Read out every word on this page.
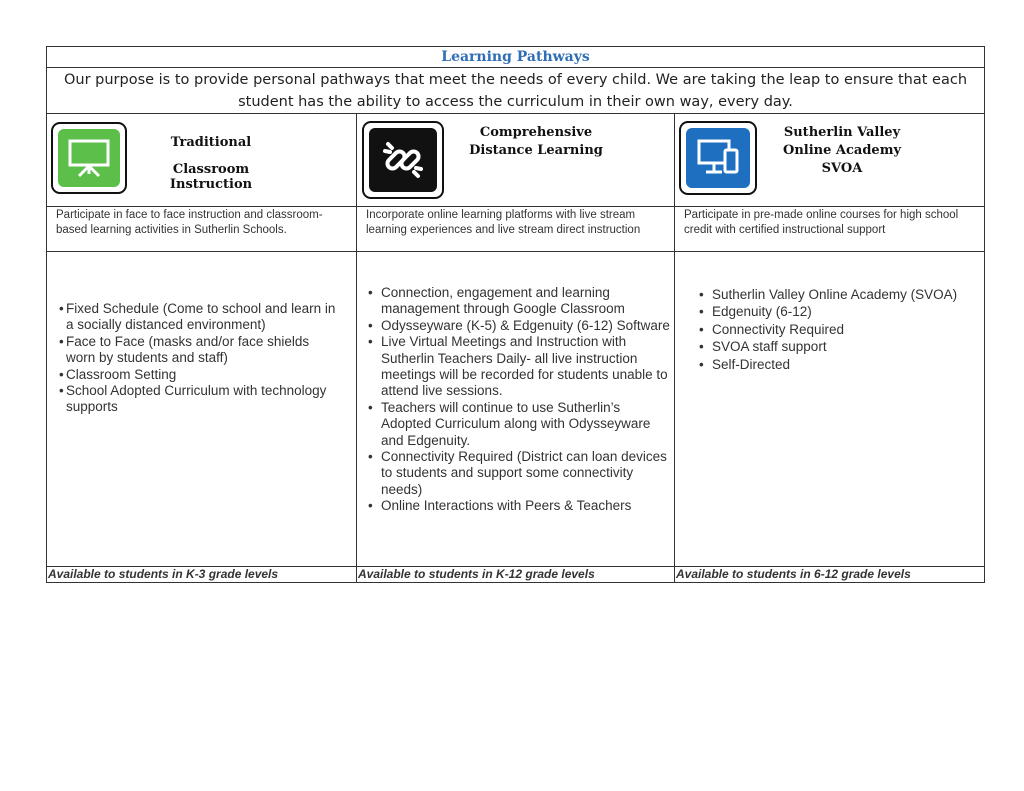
Learning Pathways
Our purpose is to provide personal pathways that meet the needs of every child. We are taking the leap to ensure that each student has the ability to access the curriculum in their own way, every day.
Traditional
Classroom Instruction
Comprehensive
Distance Learning
Sutherlin Valley
Online Academy
SVOA
Participate in face to face instruction and classroom-based learning activities in Sutherlin Schools.
Incorporate online learning platforms with live stream learning experiences and live stream direct instruction
Participate in pre-made online courses for high school credit with certified instructional support
• Fixed Schedule (Come to school and learn in a socially distanced environment)
• Face to Face (masks and/or face shields worn by students and staff)
• Classroom Setting
• School Adopted Curriculum with technology supports
• Connection, engagement and learning management through Google Classroom
• Odysseyware (K-5) & Edgenuity (6-12) Software
• Live Virtual Meetings and Instruction with Sutherlin Teachers Daily- all live instruction meetings will be recorded for students unable to attend live sessions.
• Teachers will continue to use Sutherlin’s Adopted Curriculum along with Odysseyware and Edgenuity.
• Connectivity Required (District can loan devices to students and support some connectivity needs)
• Online Interactions with Peers & Teachers
• Sutherlin Valley Online Academy (SVOA)
• Edgenuity (6-12)
• Connectivity Required
• SVOA staff support
• Self-Directed
Available to students in K-3 grade levels	Available to students in K-12 grade levels	Available to students in 6-12 grade levels
